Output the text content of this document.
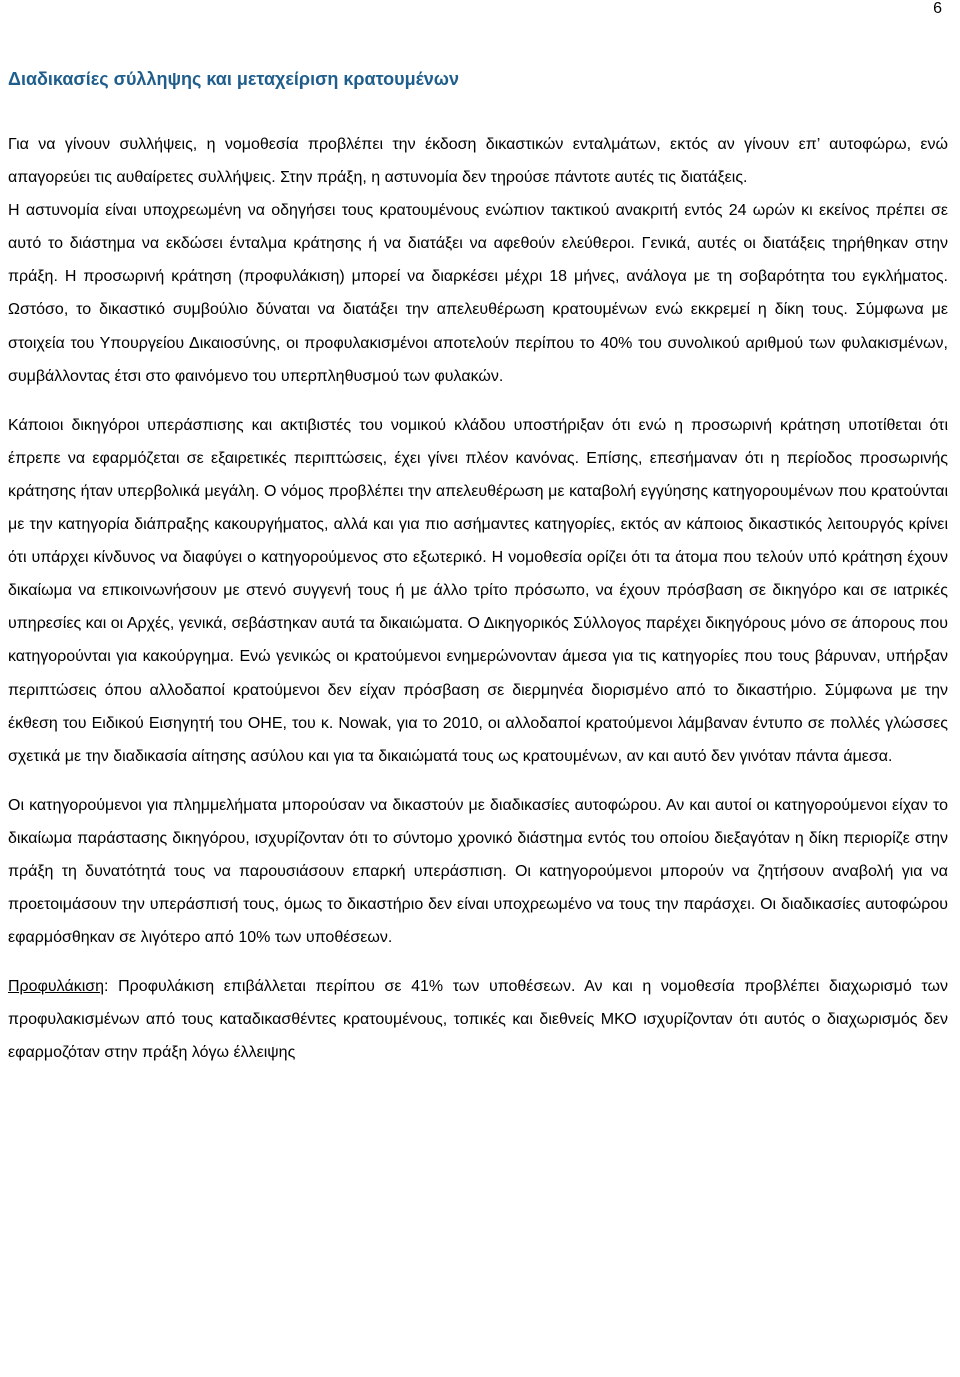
6
Διαδικασίες σύλληψης και μεταχείριση κρατουμένων

Για να γίνουν συλλήψεις, η νομοθεσία προβλέπει την έκδοση δικαστικών ενταλμάτων, εκτός αν γίνουν επ’ αυτοφώρω, ενώ απαγορεύει τις αυθαίρετες συλλήψεις. Στην πράξη, η αστυνομία δεν τηρούσε πάντοτε αυτές τις διατάξεις.

Η αστυνομία είναι υποχρεωμένη να οδηγήσει τους κρατουμένους ενώπιον τακτικού ανακριτή εντός 24 ωρών κι εκείνος πρέπει σε αυτό το διάστημα να εκδώσει ένταλμα κράτησης ή να διατάξει να αφεθούν ελεύθεροι. Γενικά, αυτές οι διατάξεις τηρήθηκαν στην πράξη. Η προσωρινή κράτηση (προφυλάκιση) μπορεί να διαρκέσει μέχρι 18 μήνες, ανάλογα με τη σοβαρότητα του εγκλήματος. Ωστόσο, το δικαστικό συμβούλιο δύναται να διατάξει την απελευθέρωση κρατουμένων ενώ εκκρεμεί η δίκη τους. Σύμφωνα με στοιχεία του Υπουργείου Δικαιοσύνης, οι προφυλακισμένοι αποτελούν περίπου το 40% του συνολικού αριθμού των φυλακισμένων, συμβάλλοντας έτσι στο φαινόμενο του υπερπληθυσμού των φυλακών.

Κάποιοι δικηγόροι υπεράσπισης και ακτιβιστές του νομικού κλάδου υποστήριξαν ότι ενώ η προσωρινή κράτηση υποτίθεται ότι έπρεπε να εφαρμόζεται σε εξαιρετικές περιπτώσεις, έχει γίνει πλέον κανόνας. Επίσης, επεσήμαναν ότι η περίοδος προσωρινής κράτησης ήταν υπερβολικά μεγάλη. Ο νόμος προβλέπει την απελευθέρωση με καταβολή εγγύησης κατηγορουμένων που κρατούνται με την κατηγορία διάπραξης κακουργήματος, αλλά και για πιο ασήμαντες κατηγορίες, εκτός αν κάποιος δικαστικός λειτουργός κρίνει ότι υπάρχει κίνδυνος να διαφύγει ο κατηγορούμενος στο εξωτερικό. Η νομοθεσία ορίζει ότι τα άτομα που τελούν υπό κράτηση έχουν δικαίωμα να επικοινωνήσουν με στενό συγγενή τους ή με άλλο τρίτο πρόσωπο, να έχουν πρόσβαση σε δικηγόρο και σε ιατρικές υπηρεσίες και οι Αρχές, γενικά, σεβάστηκαν αυτά τα δικαιώματα. Ο Δικηγορικός Σύλλογος παρέχει δικηγόρους μόνο σε άπορους που κατηγορούνται για κακούργημα. Ενώ γενικώς οι κρατούμενοι ενημερώνονταν άμεσα για τις κατηγορίες που τους βάρυναν, υπήρξαν περιπτώσεις όπου αλλοδαποί κρατούμενοι δεν είχαν πρόσβαση σε διερμηνέα διορισμένο από το δικαστήριο. Σύμφωνα με την έκθεση του Ειδικού Εισηγητή του ΟΗΕ, του κ. Nowak, για το 2010, οι αλλοδαποί κρατούμενοι λάμβαναν έντυπο σε πολλές γλώσσες σχετικά με την διαδικασία αίτησης ασύλου και για τα δικαιώματά τους ως κρατουμένων, αν και αυτό δεν γινόταν πάντα άμεσα.

Οι κατηγορούμενοι για πλημμελήματα μπορούσαν να δικαστούν με διαδικασίες αυτοφώρου. Αν και αυτοί οι κατηγορούμενοι είχαν το δικαίωμα παράστασης δικηγόρου, ισχυρίζονταν ότι το σύντομο χρονικό διάστημα εντός του οποίου διεξαγόταν η δίκη περιορίζε στην πράξη τη δυνατότητά τους να παρουσιάσουν επαρκή υπεράσπιση. Οι κατηγορούμενοι μπορούν να ζητήσουν αναβολή για να προετοιμάσουν την υπεράσπισή τους, όμως το δικαστήριο δεν είναι υποχρεωμένο να τους την παράσχει. Οι διαδικασίες αυτοφώρου εφαρμόσθηκαν σε λιγότερο από 10% των υποθέσεων.

Προφυλάκιση: Προφυλάκιση επιβάλλεται περίπου σε 41% των υποθέσεων. Αν και η νομοθεσία προβλέπει διαχωρισμό των προφυλακισμένων από τους καταδικασθέντες κρατουμένους, τοπικές και διεθνείς ΜΚΟ ισχυρίζονταν ότι αυτός ο διαχωρισμός δεν εφαρμοζόταν στην πράξη λόγω έλλειψης
